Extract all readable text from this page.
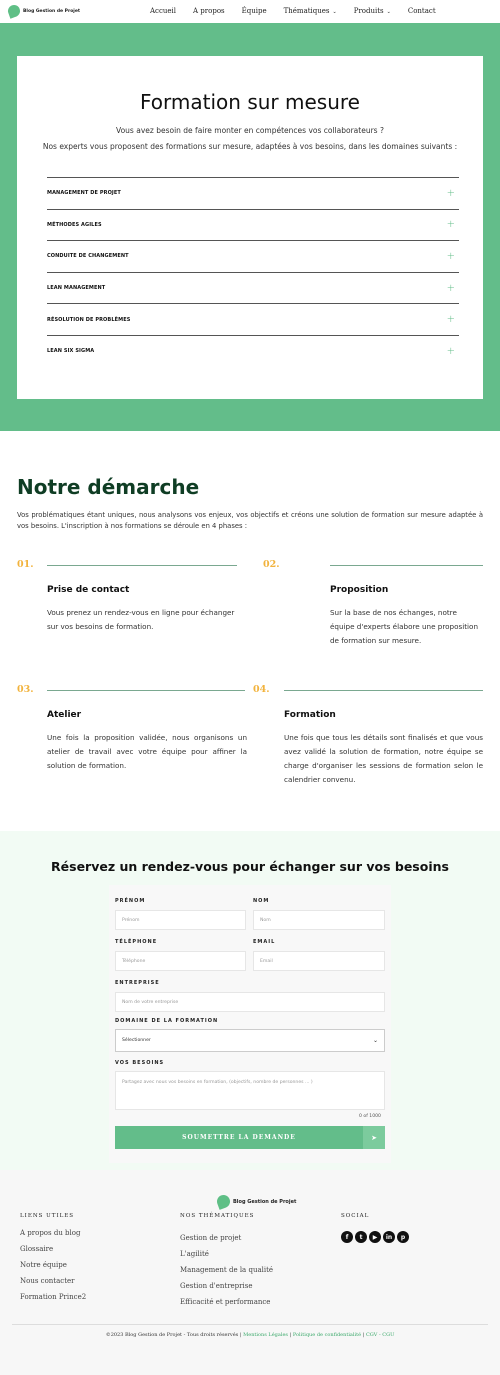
Blog Gestion de Projet	Accueil A propos Équipe Thématiques ⌄ Produits ⌄ Contact
Formation sur mesure

Vous avez besoin de faire monter en compétences vos collaborateurs ?

Nos experts vous proposent des formations sur mesure, adaptées à vos besoins, dans les domaines suivants :

MANAGEMENT DE PROJET	+
MÉTHODES AGILES	+
CONDUITE DE CHANGEMENT	+
LEAN MANAGEMENT	+
RÉSOLUTION DE PROBLÈMES	+
LEAN SIX SIGMA	+
Notre démarche

Vos problématiques étant uniques, nous analysons vos enjeux, vos objectifs et créons une solution de formation sur mesure adaptée à vos besoins. L'inscription à nos formations se déroule en 4 phases :

01.	02.
Prise de contact	Proposition

Vous prenez un rendez-vous en ligne pour échanger sur vos besoins de formation.

Sur la base de nos échanges, notre équipe d'experts élabore une proposition de formation sur mesure.

03.	04.
Atelier	Formation

Une fois la proposition validée, nous organisons un atelier de travail avec votre équipe pour affiner la solution de formation.

Une fois que tous les détails sont finalisés et que vous avez validé la solution de formation, notre équipe se charge d'organiser les sessions de formation selon le calendrier convenu.

Réservez un rendez-vous pour échanger sur vos besoins
PRÉNOM
Prénom
NOM
Nom
TÉLÉPHONE
Téléphone
EMAIL
Email
ENTREPRISE
Nom de votre entreprise
DOMAINE DE LA FORMATION
Sélectionner	⌄
VOS BESOINS
Partagez avec nous vos besoins en formation, (objectifs, nombre de personnes ... )
0 of 1000
SOUMETTRE LA DEMANDE	➤
Blog Gestion de Projet
LIENS UTILES
A propos du blog
Glossaire
Notre équipe
Nous contacter
Formation Prince2
NOS THÉMATIQUES
Gestion de projet
L'agilité
Management de la qualité
Gestion d'entreprise
Efficacité et performance
SOCIAL
f	t	▶	in	p
©2023 Blog Gestion de Projet - Tous droits réservés | Mentions Légales | Politique de confidentialité | CGV - CGU
